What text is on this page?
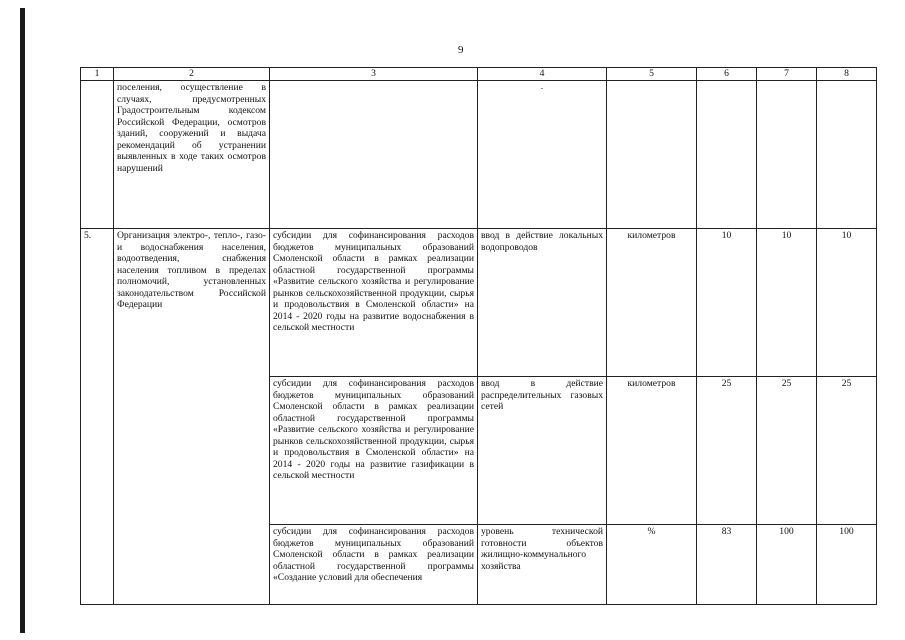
9
1	2	3	4	5	6	7	8
	поселения, осуществление в случаях, предусмотренных Градостроительным кодексом Российской Федерации, осмотров зданий, сооружений и выдача рекомендаций об устранении выявленных в ходе таких осмотров нарушений		.				

5.	Организация электро-, тепло-, газо- и водоснабжения населения, водоотведения, снабжения населения топливом в пределах полномочий, установленных законодательством Российской Федерации	субсидии для софинансирования расходов бюджетов муниципальных образований Смоленской области в рамках реализации областной государственной программы «Развитие сельского хозяйства и регулирование рынков сельскохозяйственной продукции, сырья и продовольствия в Смоленской области» на 2014 - 2020 годы на развитие водоснабжения в сельской местности	ввод в действие локальных водопроводов	километров	10	10	10
		субсидии для софинансирования расходов бюджетов муниципальных образований Смоленской области в рамках реализации областной государственной программы «Развитие сельского хозяйства и регулирование рынков сельскохозяйственной продукции, сырья и продовольствия в Смоленской области» на 2014 - 2020 годы на развитие газификации в сельской местности	ввод в действие распределительных газовых сетей	километров	25	25	25
		субсидии для софинансирования расходов бюджетов муниципальных образований Смоленской области в рамках реализации областной государственной программы «Создание условий для обеспечения	уровень технической готовности объектов жилищно-коммунального хозяйства	%	83	100	100
